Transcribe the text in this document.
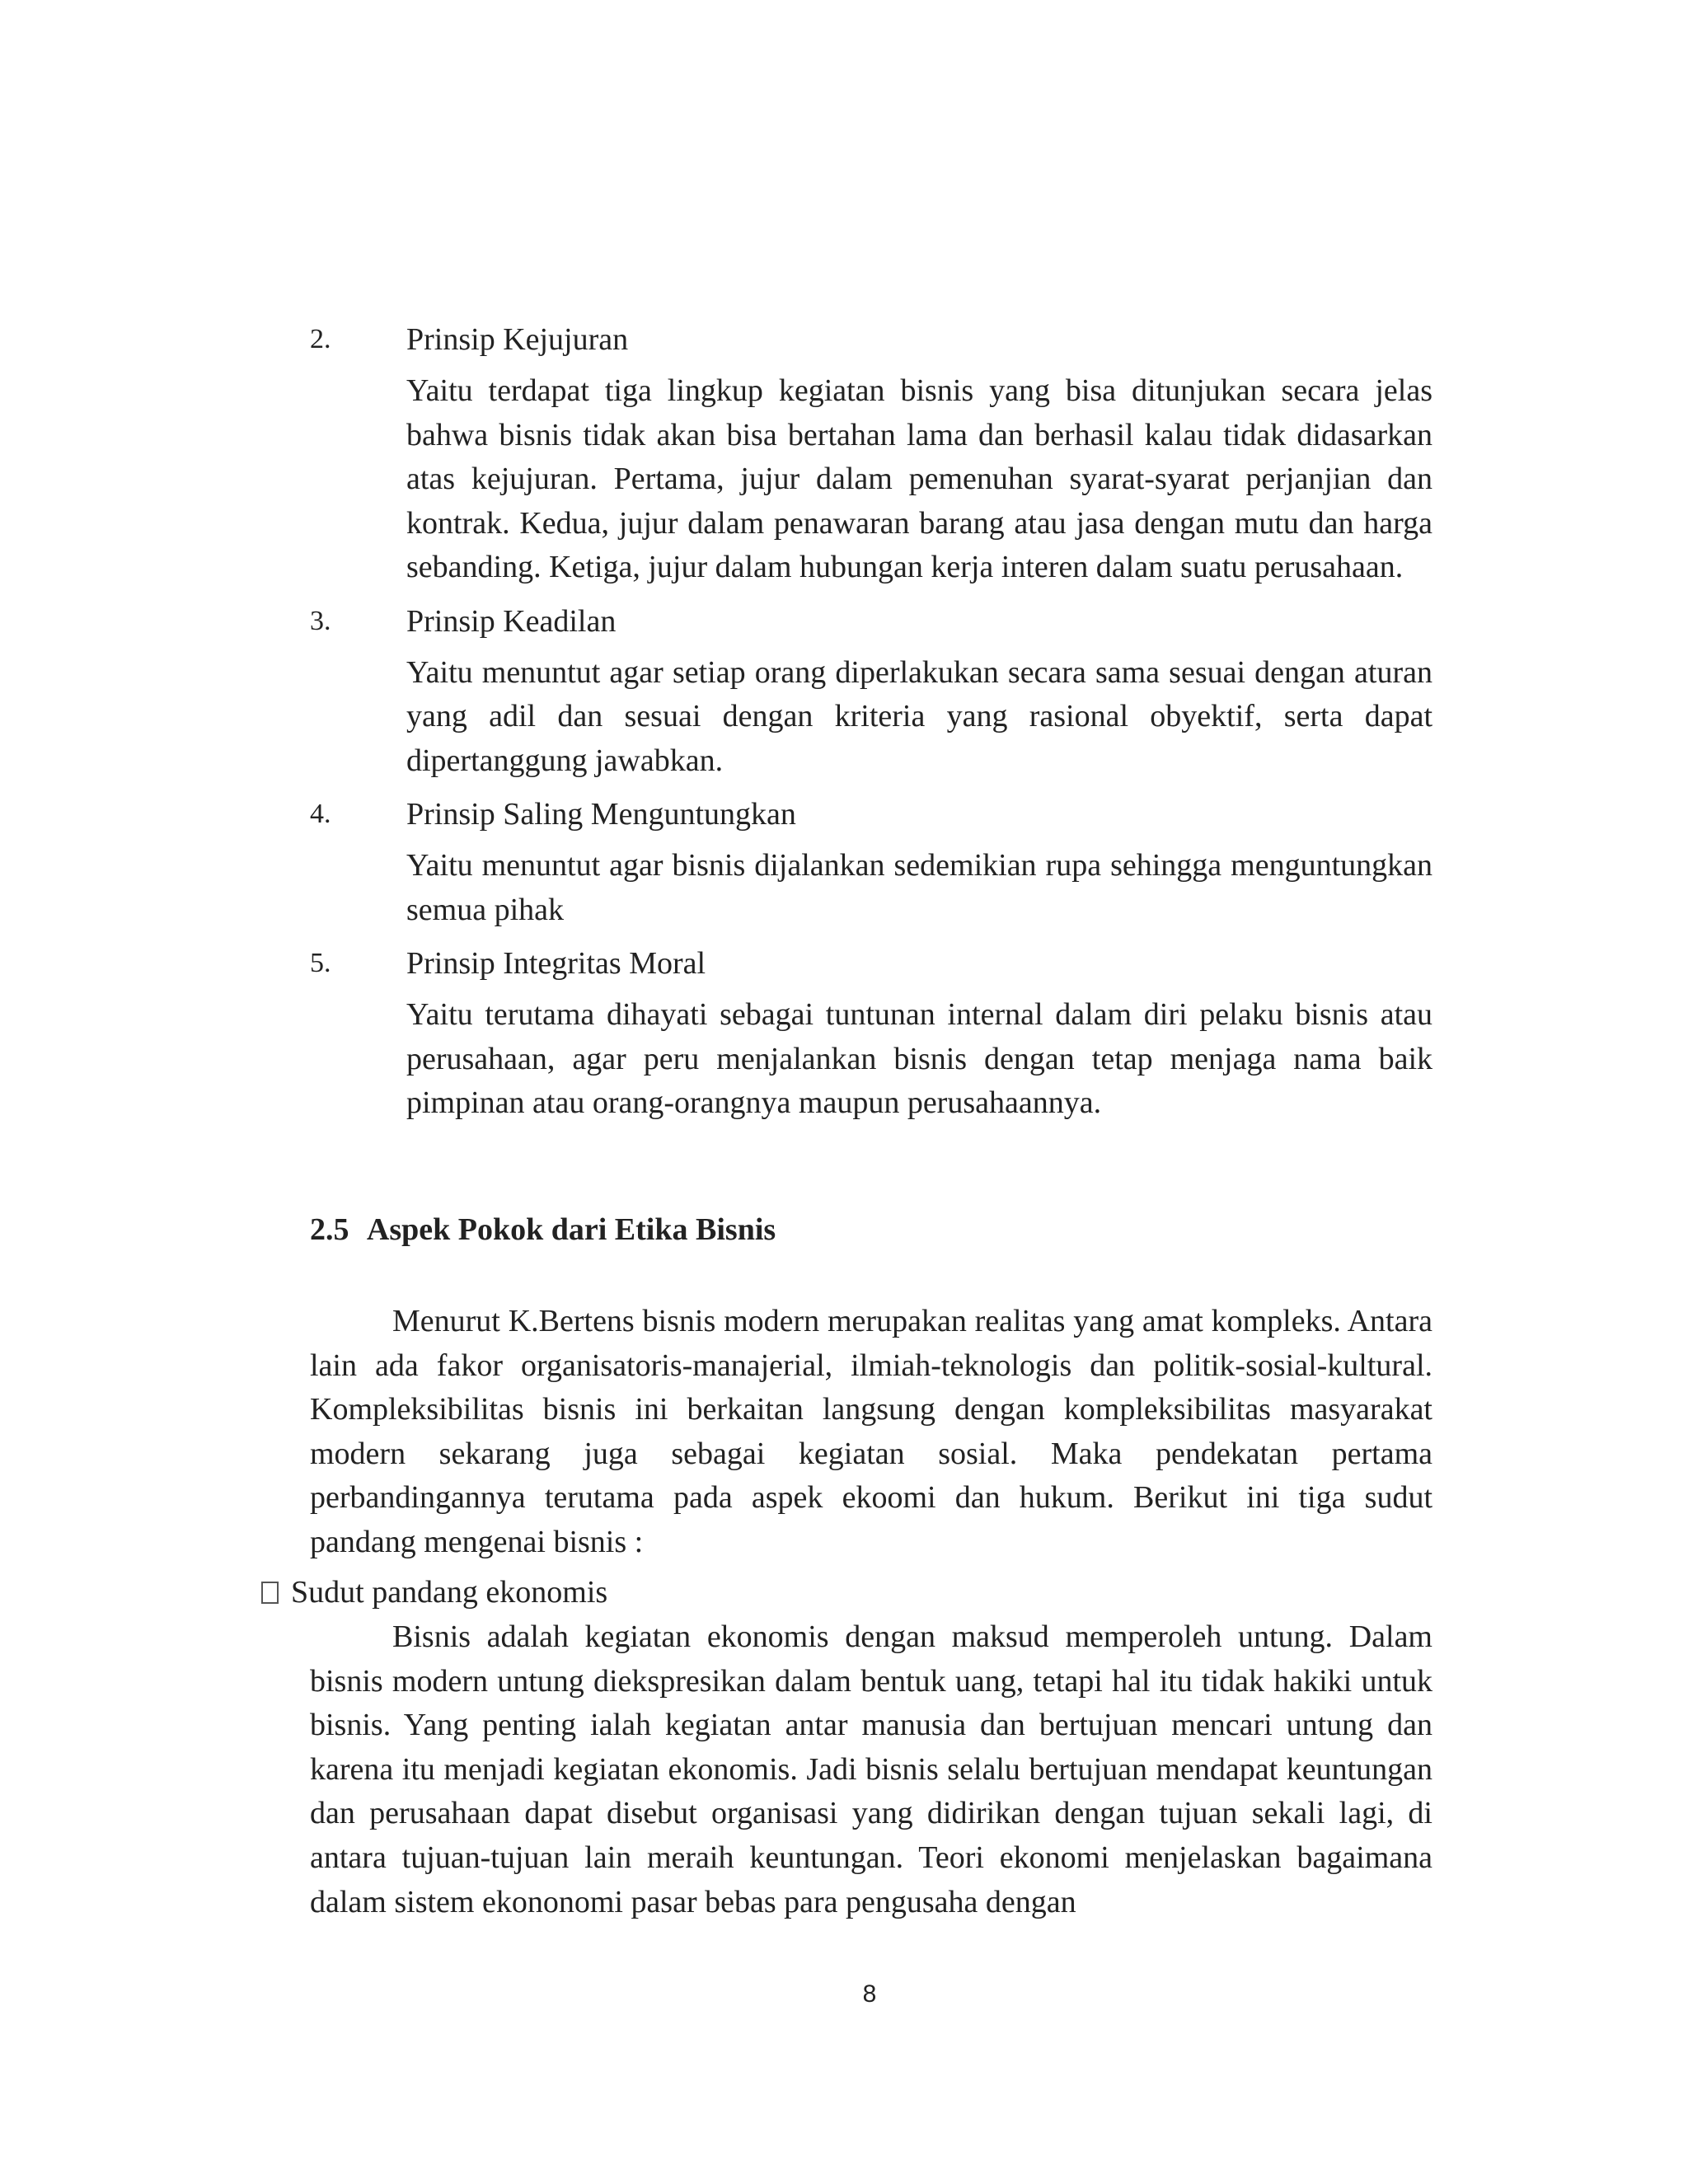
2.	Prinsip Kejujuran
Yaitu terdapat tiga lingkup kegiatan bisnis yang bisa ditunjukan secara jelas bahwa bisnis tidak akan bisa bertahan lama dan berhasil kalau tidak didasarkan atas kejujuran. Pertama, jujur dalam pemenuhan syarat-syarat perjanjian dan kontrak. Kedua, jujur dalam penawaran barang atau jasa dengan mutu dan harga sebanding. Ketiga, jujur dalam hubungan kerja interen dalam suatu perusahaan.
3.	Prinsip Keadilan
Yaitu menuntut agar setiap orang diperlakukan secara sama sesuai dengan aturan yang adil dan sesuai dengan kriteria yang rasional obyektif, serta dapat dipertanggung jawabkan.
4.	Prinsip Saling Menguntungkan
Yaitu menuntut agar bisnis dijalankan sedemikian rupa sehingga menguntungkan semua pihak
5.	Prinsip Integritas Moral
Yaitu terutama dihayati sebagai tuntunan internal dalam diri pelaku bisnis atau perusahaan, agar peru menjalankan bisnis dengan tetap menjaga nama baik pimpinan atau orang-orangnya maupun perusahaannya.
2.5 Aspek Pokok dari Etika Bisnis

Menurut K.Bertens bisnis modern merupakan realitas yang amat kompleks. Antara lain ada fakor organisatoris-manajerial, ilmiah-teknologis dan politik-sosial-kultural. Kompleksibilitas bisnis ini berkaitan langsung dengan kompleksibilitas masyarakat modern sekarang juga sebagai kegiatan sosial. Maka pendekatan pertama perbandingannya terutama pada aspek ekoomi dan hukum. Berikut ini tiga sudut pandang mengenai bisnis :

Sudut pandang ekonomis

Bisnis adalah kegiatan ekonomis dengan maksud memperoleh untung. Dalam bisnis modern untung diekspresikan dalam bentuk uang, tetapi hal itu tidak hakiki untuk bisnis. Yang penting ialah kegiatan antar manusia dan bertujuan mencari untung dan karena itu menjadi kegiatan ekonomis. Jadi bisnis selalu bertujuan mendapat keuntungan dan perusahaan dapat disebut organisasi yang didirikan dengan tujuan sekali lagi, di antara tujuan-tujuan lain meraih keuntungan. Teori ekonomi menjelaskan bagaimana dalam sistem ekononomi pasar bebas para pengusaha dengan

8
